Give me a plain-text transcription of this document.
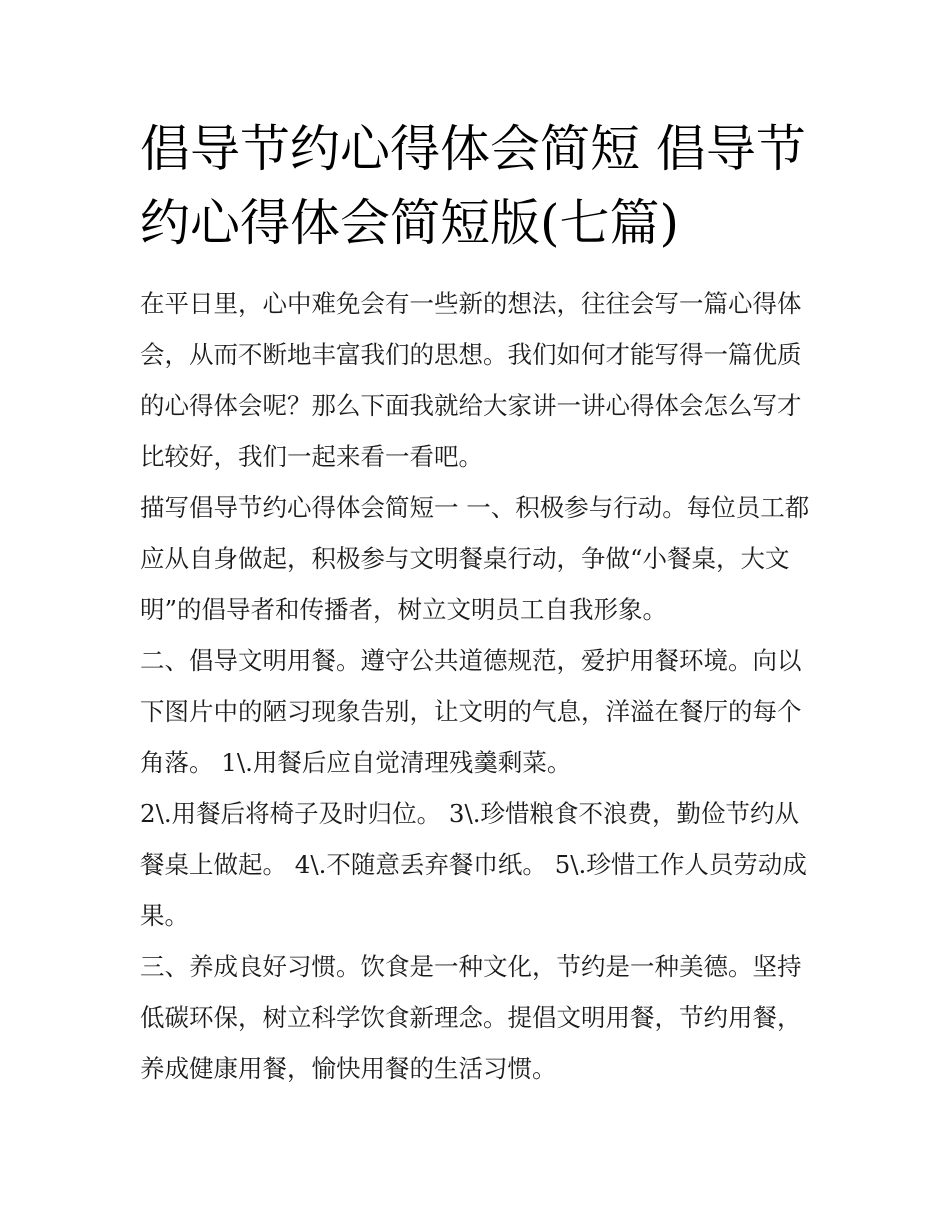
倡导节约心得体会简短 倡导节约心得体会简短版(七篇)

在平日里，心中难免会有一些新的想法，往往会写一篇心得体会，从而不断地丰富我们的思想。我们如何才能写得一篇优质的心得体会呢？那么下面我就给大家讲一讲心得体会怎么写才比较好，我们一起来看一看吧。

描写倡导节约心得体会简短一 一、积极参与行动。每位员工都应从自身做起，积极参与文明餐桌行动，争做“小餐桌，大文明”的倡导者和传播者，树立文明员工自我形象。

二、倡导文明用餐。遵守公共道德规范，爱护用餐环境。向以下图片中的陋习现象告别，让文明的气息，洋溢在餐厅的每个角落。 1\.用餐后应自觉清理残羹剩菜。

2\.用餐后将椅子及时归位。 3\.珍惜粮食不浪费，勤俭节约从餐桌上做起。 4\.不随意丢弃餐巾纸。 5\.珍惜工作人员劳动成果。

三、养成良好习惯。饮食是一种文化，节约是一种美德。坚持低碳环保，树立科学饮食新理念。提倡文明用餐，节约用餐，养成健康用餐，愉快用餐的生活习惯。
